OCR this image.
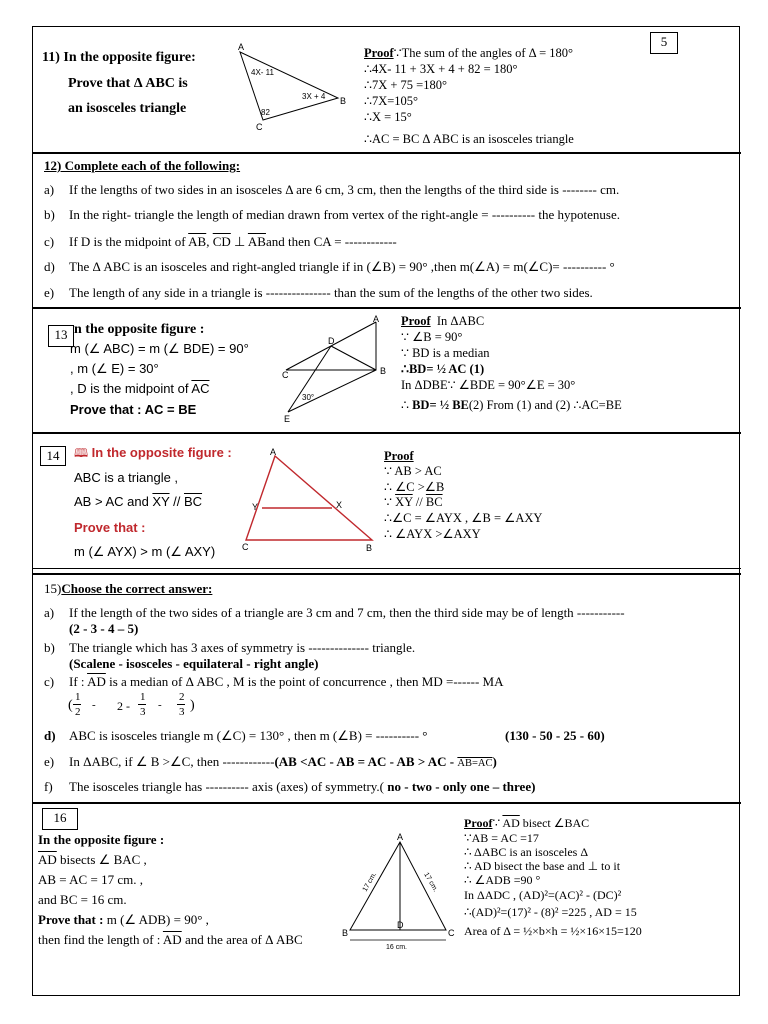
5
11) In the opposite figure:
Prove that Δ ABC is
an isosceles triangle
A
B
C
4X- 11
3X + 4
82
Proof∵The sum of the angles of Δ = 180°
∴4X- 11 + 3X + 4 + 82 = 180°
∴7X + 75 =180°
∴7X=105°
∴X = 15°
∴AC = BC Δ ABC is an isosceles triangle
12) Complete each of the following:
a) If the lengths of two sides in an isosceles Δ are 6 cm, 3 cm, then the lengths of the third side is -------- cm.
b) In the right- triangle the length of median drawn from vertex of the right-angle = ---------- the hypotenuse.
c) If D is the midpoint of $\overline{AB}$, $\overline{CD}$ ⊥ $\overline{AB}and$ then CA = ------------
d) The Δ ABC is an isosceles and right-angled triangle if in (∠B) = 90° ,then m(∠A) = m(∠C)= ---------- °
e) The length of any side in a triangle is --------------- than the sum of the lengths of the other two sides.
13 n the opposite figure :
m (∠ ABC) = m (∠ BDE) = 90°
, m (∠ E) = 30°
, D is the midpoint of $\overline{AC}$
Prove that : AC = BE
A
B
C
D
E
30°
Proof In ΔABC
∵ ∠B = 90°
∵ BD is a median
∴BD= ½ AC (1)
In ΔDBE∵ ∠BDE = 90°∠E = 30°
∴ BD= ½ BE(2) From (1) and (2) ∴AC=BE
14	🕮 In the opposite figure :
ABC is a triangle ,
AB > AC and $\overline{XY} // \overline{BC}$
Prove that :
m (∠ AYX) > m (∠ AXY)
A
B
C
X
Y
Proof
∵ AB > AC
∴ ∠C >∠B
∵ $\overline{XY} // \overline{BC}$
∴∠C = ∠AYX , ∠B = ∠AXY
∴ ∠AYX >∠AXY
15)Choose the correct answer:
a) If the length of the two sides of a triangle are 3 cm and 7 cm, then the third side may be of length -----------
(2 - 3 - 4 – 5)
b) The triangle which has 3 axes of symmetry is -------------- triangle.
(Scalene - isosceles - equilateral - right angle)
c) If : $\overline{AD}$ is a median of Δ ABC , M is the point of concurrence , then MD =------ MA
(
1
2
- 2 -
1
3
-
2
3 )
d) ABC is isosceles triangle m (∠C) = 130° , then m (∠B) = ---------- °	(130 - 50 - 25 - 60)
e) In ΔABC, if ∠ B >∠C, then ------------(AB <AC - AB = AC - AB > AC - AB=AC)
f) The isosceles triangle has ---------- axis (axes) of symmetry.( no - two - only one – three)
16
In the opposite figure :
$\overline{AD}$ bisects ∠ BAC ,
AB = AC = 17 cm. ,
and BC = 16 cm.
Prove that : m (∠ ADB) = 90° ,
then find the length of : $\overline{AD}$ and the area of Δ ABC
A
B	C
D
17 cm.	17 cm.
16 cm.
Proof∵ $\overline{AD}$ bisect ∠BAC
∵AB = AC =17
∴ ΔABC is an isosceles Δ
∴ AD bisect the base and ⊥ to it
∴ ∠ADB =90 °
In ΔADC , (AD)²=(AC)² - (DC)²
∴(AD)²=(17)² - (8)² =225 , AD = 15
Area of Δ = ½×b×h = ½×16×15=120
